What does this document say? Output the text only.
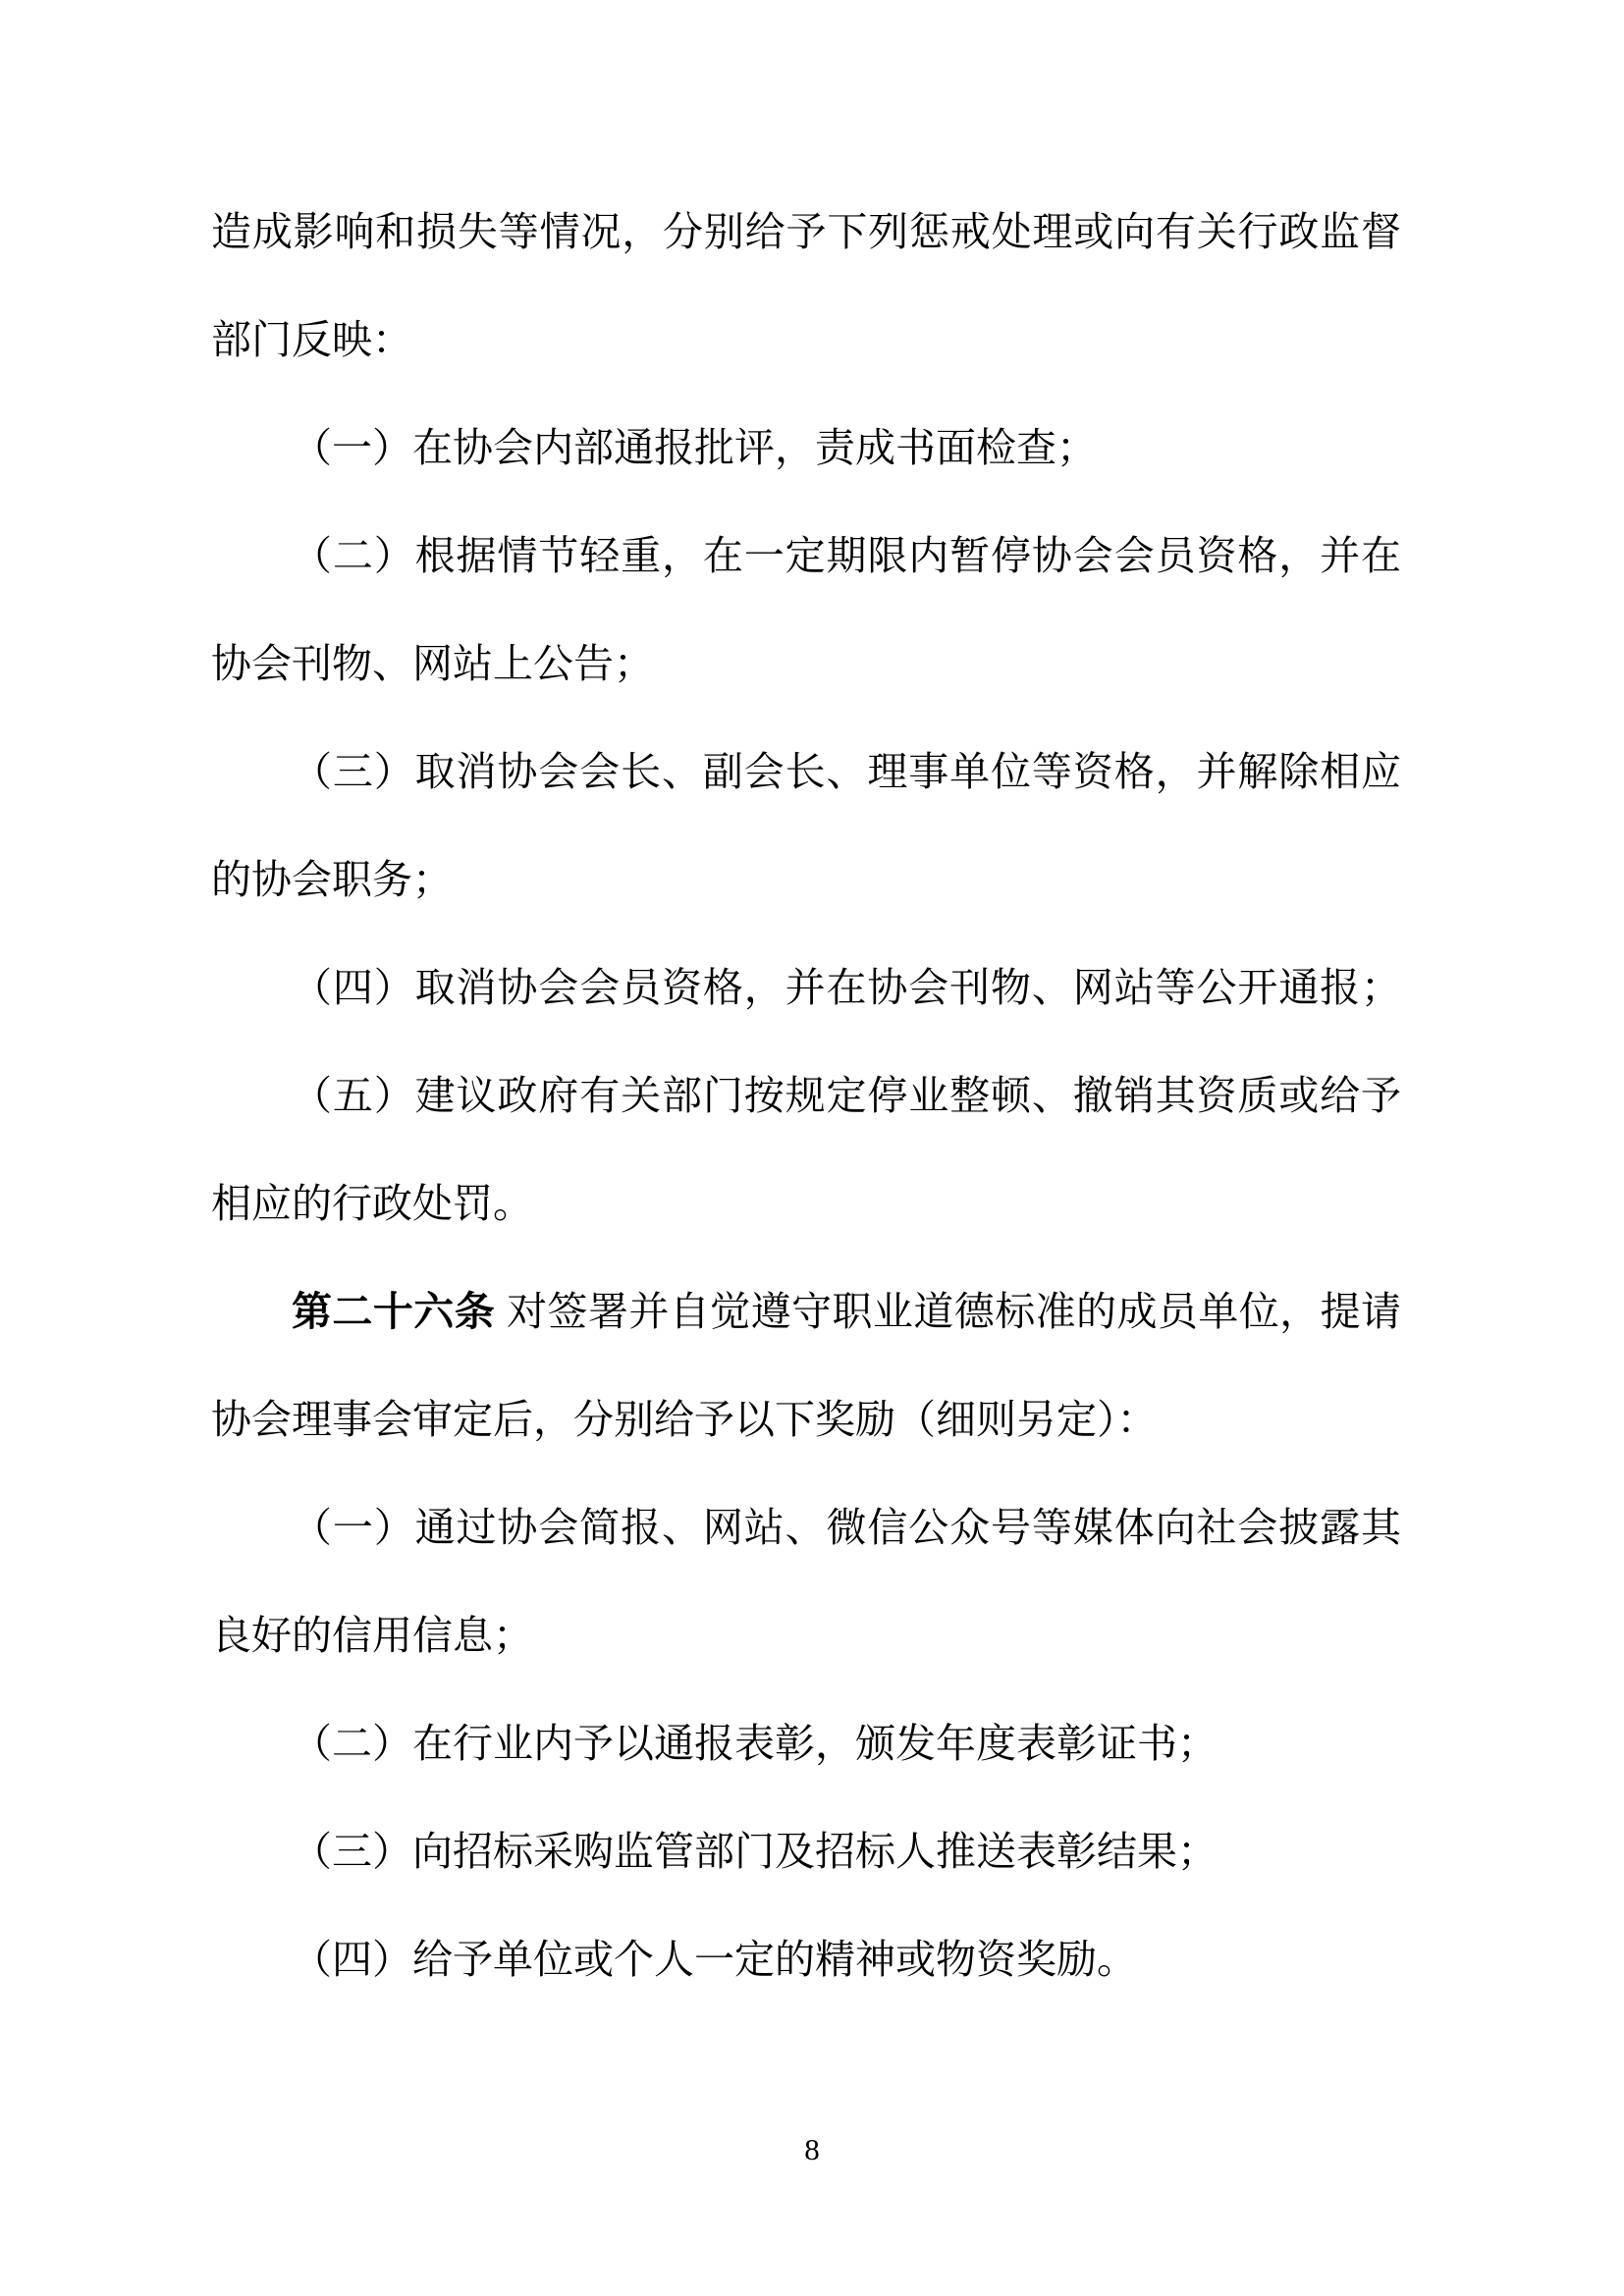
造成影响和损失等情况，分别给予下列惩戒处理或向有关行政监督
部门反映：
（一）在协会内部通报批评，责成书面检查；
（二）根据情节轻重，在一定期限内暂停协会会员资格，并在
协会刊物、网站上公告；
（三）取消协会会长、副会长、理事单位等资格，并解除相应
的协会职务；
（四）取消协会会员资格，并在协会刊物、网站等公开通报；
（五）建议政府有关部门按规定停业整顿、撤销其资质或给予
相应的行政处罚。
第二十六条 对签署并自觉遵守职业道德标准的成员单位，提请
协会理事会审定后，分别给予以下奖励（细则另定）：
（一）通过协会简报、网站、微信公众号等媒体向社会披露其
良好的信用信息；
（二）在行业内予以通报表彰，颁发年度表彰证书；
（三）向招标采购监管部门及招标人推送表彰结果；
（四）给予单位或个人一定的精神或物资奖励。
8
